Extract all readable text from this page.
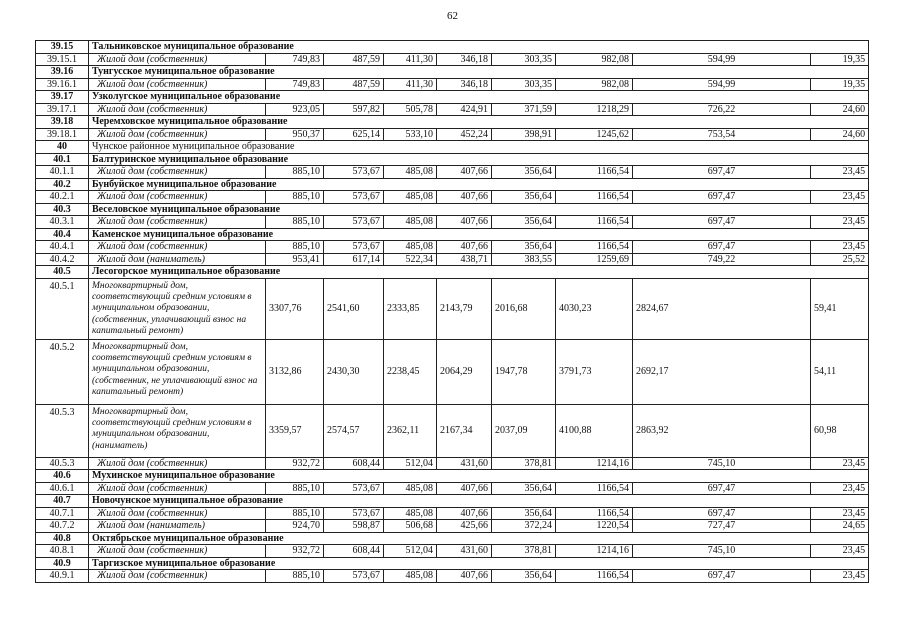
62
39.15	Тальниковское муниципальное образование								
39.15.1	Жилой дом (собственник)	749,83	487,59	411,30	346,18	303,35	982,08	594,99	19,35
39.16	Тунгусское муниципальное образование								
39.16.1	Жилой дом (собственник)	749,83	487,59	411,30	346,18	303,35	982,08	594,99	19,35
39.17	Узколугское муниципальное образование								
39.17.1	Жилой дом (собственник)	923,05	597,82	505,78	424,91	371,59	1218,29	726,22	24,60
39.18	Черемховское муниципальное образование								
39.18.1	Жилой дом (собственник)	950,37	625,14	533,10	452,24	398,91	1245,62	753,54	24,60
40	Чунское районное муниципальное образование								
40.1	Балтуринское муниципальное образование								
40.1.1	Жилой дом (собственник)	885,10	573,67	485,08	407,66	356,64	1166,54	697,47	23,45
40.2	Бунбуйское муниципальное образование								
40.2.1	Жилой дом (собственник)	885,10	573,67	485,08	407,66	356,64	1166,54	697,47	23,45
40.3	Веселовское муниципальное образование								
40.3.1	Жилой дом (собственник)	885,10	573,67	485,08	407,66	356,64	1166,54	697,47	23,45
40.4	Каменское муниципальное образование								
40.4.1	Жилой дом (собственник)	885,10	573,67	485,08	407,66	356,64	1166,54	697,47	23,45
40.4.2	Жилой дом (наниматель)	953,41	617,14	522,34	438,71	383,55	1259,69	749,22	25,52
40.5	Лесогорское муниципальное образование								
40.5.1	Многоквартирный дом, соответствующий средним условиям в муниципальном образовании, (собственник, уплачивающий взнос на капитальный ремонт)	3307,76	2541,60	2333,85	2143,79	2016,68	4030,23	2824,67	59,41
40.5.2	Многоквартирный дом, соответствующий средним условиям в муниципальном образовании, (собственник, не уплачивающий взнос на капитальный ремонт)	3132,86	2430,30	2238,45	2064,29	1947,78	3791,73	2692,17	54,11
40.5.3	Многоквартирный дом, соответствующий средним условиям в муниципальном образовании, (наниматель)	3359,57	2574,57	2362,11	2167,34	2037,09	4100,88	2863,92	60,98
40.5.3	Жилой дом (собственник)	932,72	608,44	512,04	431,60	378,81	1214,16	745,10	23,45
40.6	Мухинское муниципальное образование								
40.6.1	Жилой дом (собственник)	885,10	573,67	485,08	407,66	356,64	1166,54	697,47	23,45
40.7	Новочунское муниципальное образование								
40.7.1	Жилой дом (собственник)	885,10	573,67	485,08	407,66	356,64	1166,54	697,47	23,45
40.7.2	Жилой дом (наниматель)	924,70	598,87	506,68	425,66	372,24	1220,54	727,47	24,65
40.8	Октябрьское муниципальное образование								
40.8.1	Жилой дом (собственник)	932,72	608,44	512,04	431,60	378,81	1214,16	745,10	23,45
40.9	Таргизское муниципальное образование								
40.9.1	Жилой дом (собственник)	885,10	573,67	485,08	407,66	356,64	1166,54	697,47	23,45
